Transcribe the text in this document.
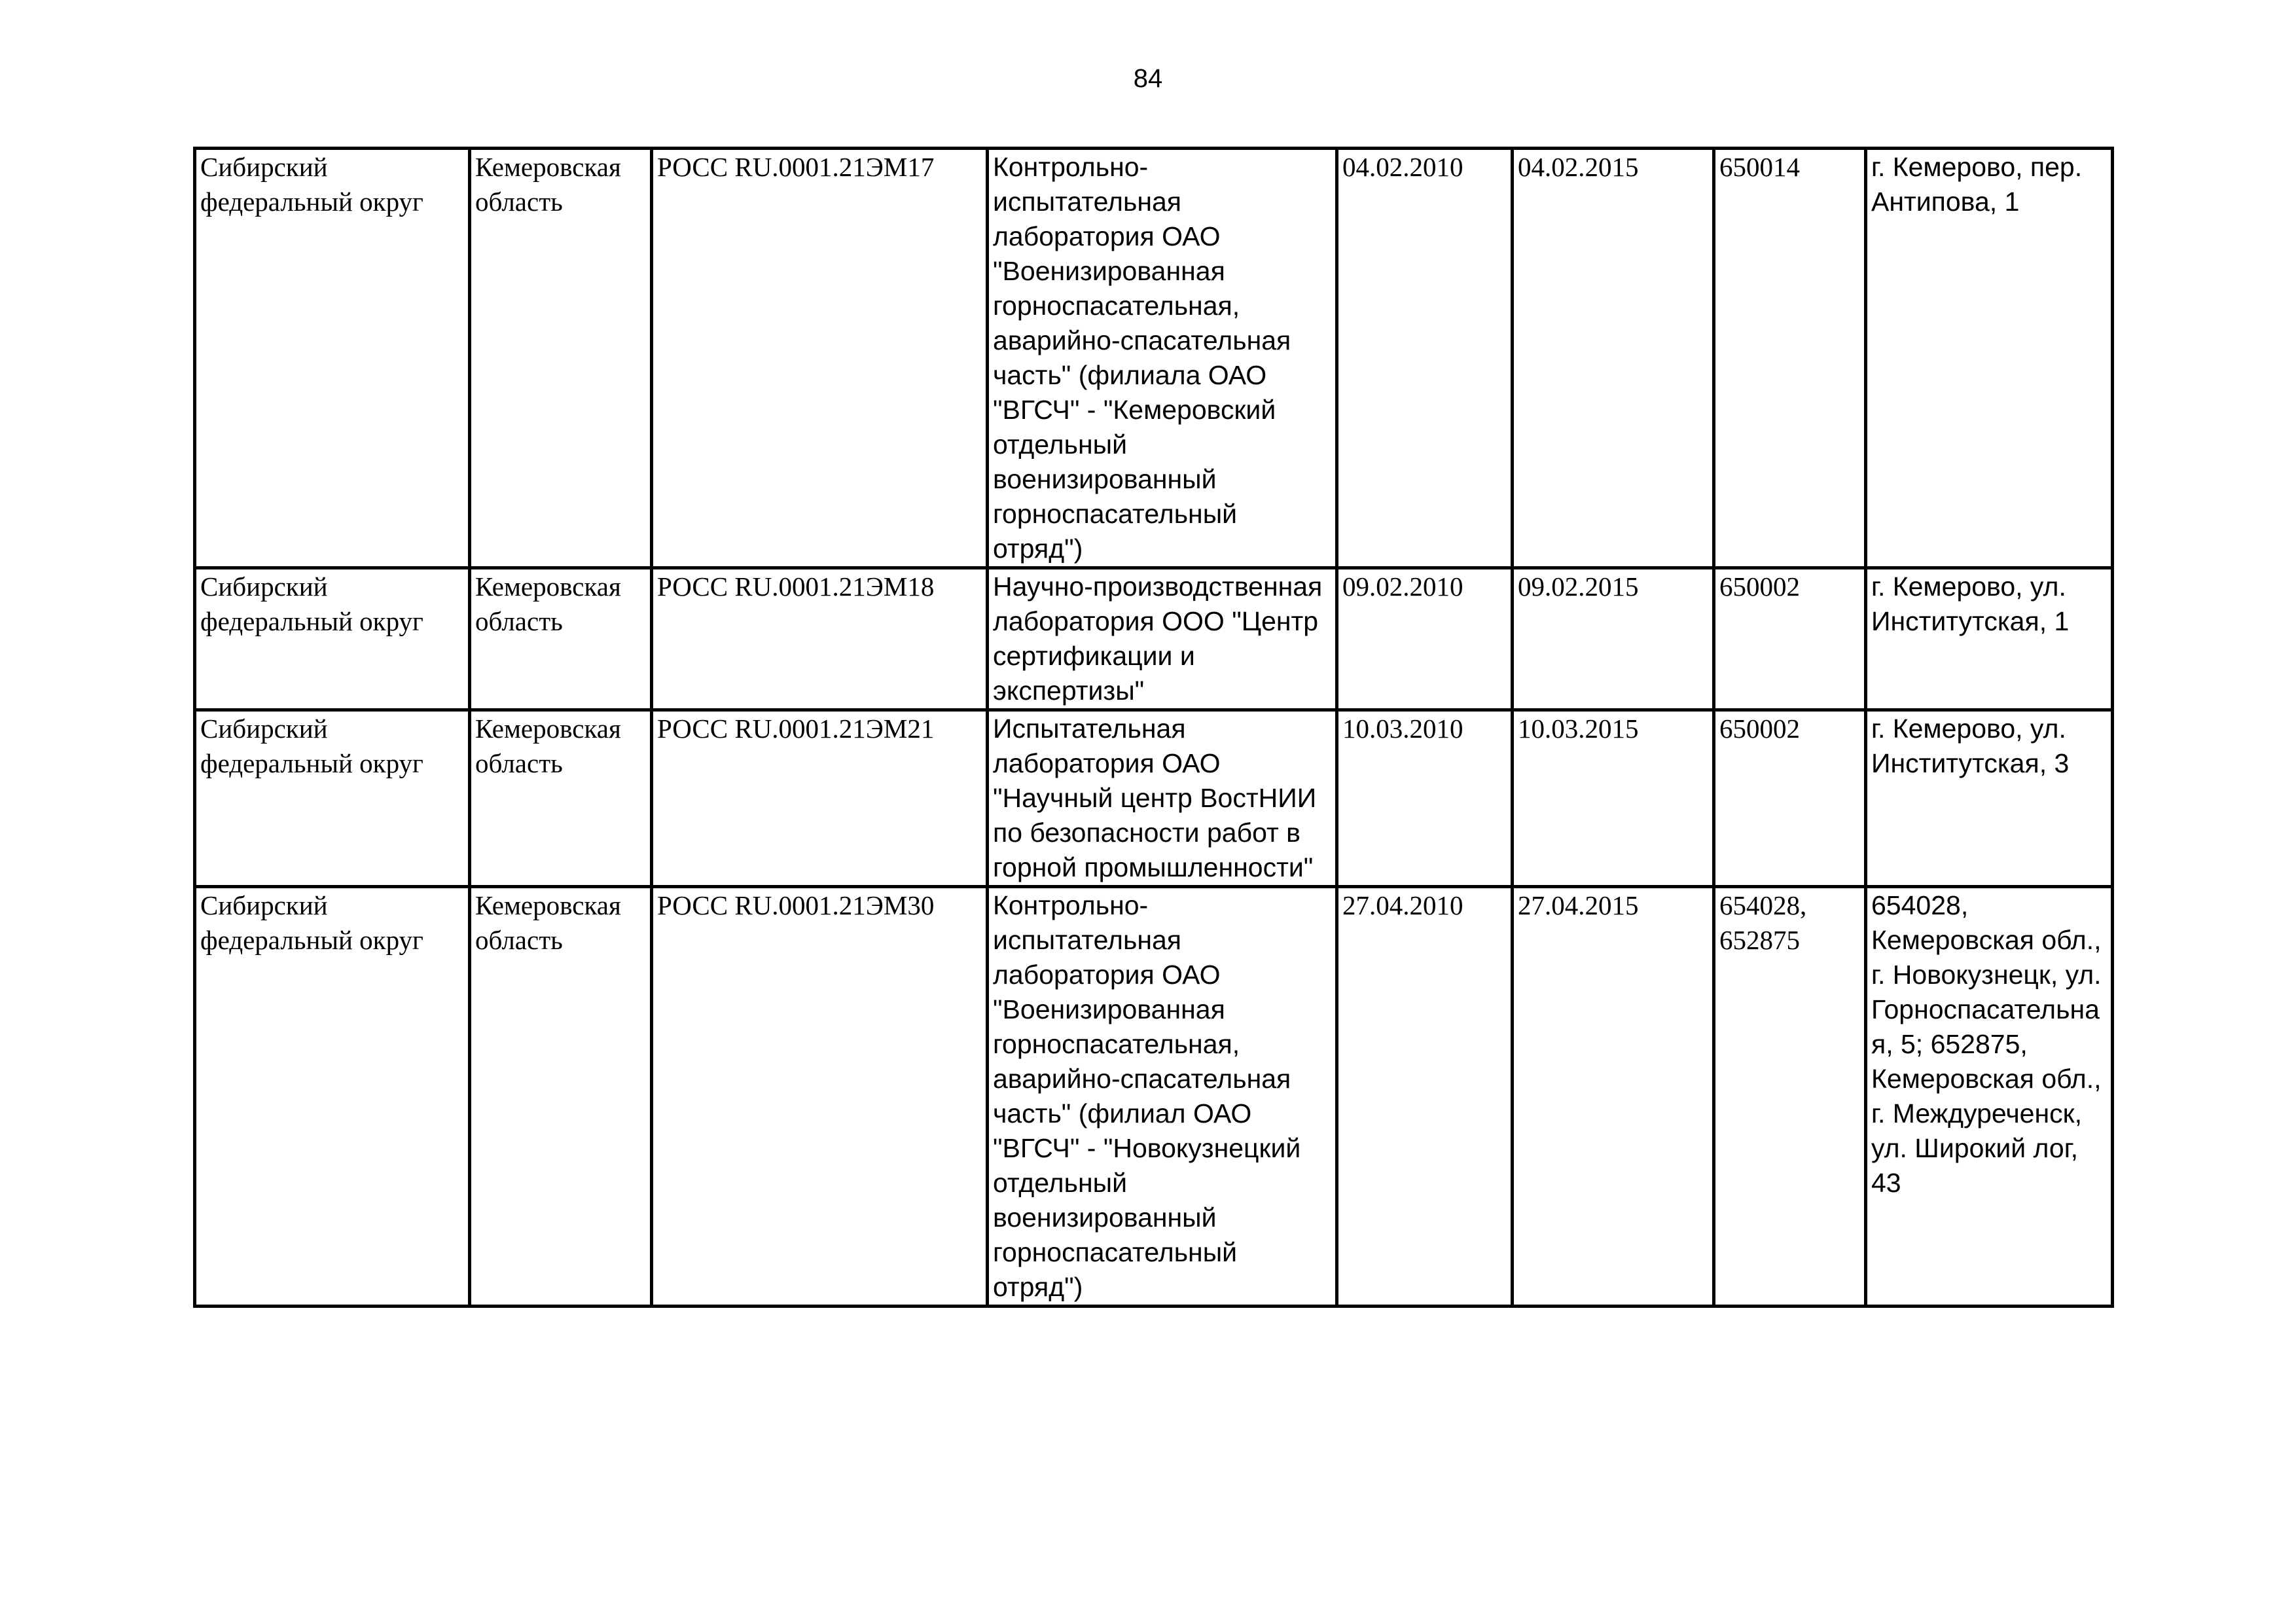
84
Сибирский федеральный округ	Кемеровская область	РОСС RU.0001.21ЭМ17	Контрольно-испытательная лаборатория ОАО "Военизированная горноспасательная, аварийно-спасательная часть" (филиала ОАО "ВГСЧ" - "Кемеровский отдельный военизированный горноспасательный отряд")	04.02.2010	04.02.2015	650014	г. Кемерово, пер. Антипова, 1

Сибирский федеральный округ	Кемеровская область	РОСС RU.0001.21ЭМ18	Научно-производственная лаборатория ООО "Центр сертификации и экспертизы"	09.02.2010	09.02.2015	650002	г. Кемерово, ул. Институтская, 1

Сибирский федеральный округ	Кемеровская область	РОСС RU.0001.21ЭМ21	Испытательная лаборатория ОАО "Научный центр ВостНИИ по безопасности работ в горной промышленности"	10.03.2010	10.03.2015	650002	г. Кемерово, ул. Институтская, 3

Сибирский федеральный округ	Кемеровская область	РОСС RU.0001.21ЭМ30	Контрольно-испытательная лаборатория ОАО "Военизированная горноспасательная, аварийно-спасательная часть" (филиал ОАО "ВГСЧ" - "Новокузнецкий отдельный военизированный горноспасательный отряд")	27.04.2010	27.04.2015	654028, 652875	654028, Кемеровская обл., г. Новокузнецк, ул. Горноспасательная, 5; 652875, Кемеровская обл., г. Междуреченск, ул. Широкий лог, 43
